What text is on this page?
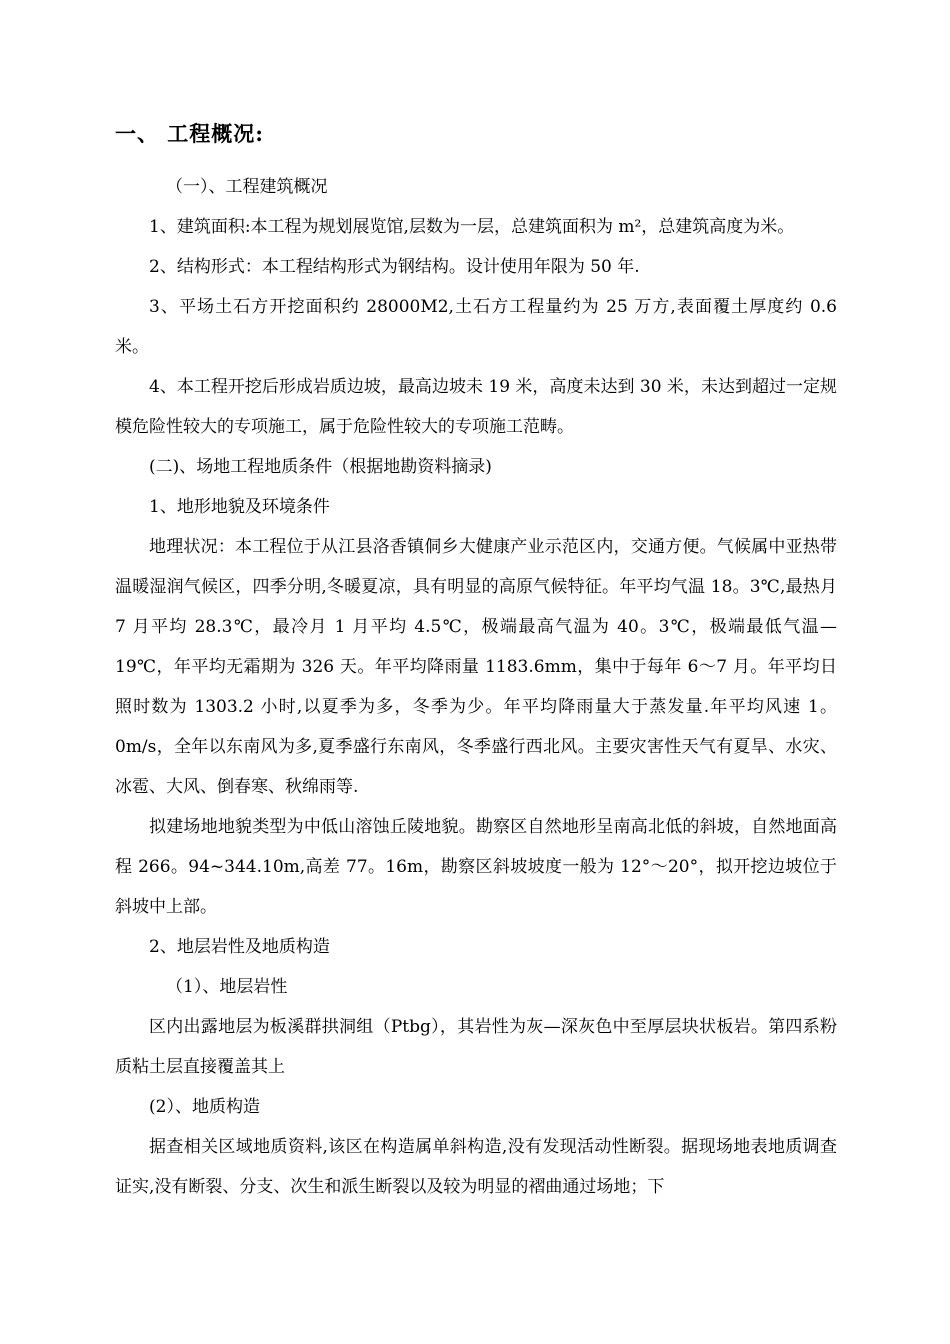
一、 工程概况:

（一）、工程建筑概况

1、建筑面积:本工程为规划展览馆,层数为一层，总建筑面积为 m²，总建筑高度为米。

2、结构形式：本工程结构形式为钢结构。设计使用年限为 50 年.

3、平场土石方开挖面积约 28000M2,土石方工程量约为 25 万方,表面覆土厚度约 0.6 米。

4、本工程开挖后形成岩质边坡，最高边坡未 19 米，高度未达到 30 米，未达到超过一定规模危险性较大的专项施工，属于危险性较大的专项施工范畴。

(二)、场地工程地质条件（根据地勘资料摘录)

1、地形地貌及环境条件

地理状况：本工程位于从江县洛香镇侗乡大健康产业示范区内，交通方便。气候属中亚热带温暖湿润气候区，四季分明,冬暖夏凉，具有明显的高原气候特征。年平均气温 18。3℃,最热月 7 月平均 28.3℃，最冷月 1 月平均 4.5℃，极端最高气温为 40。3℃，极端最低气温—19℃，年平均无霜期为 326 天。年平均降雨量 1183.6mm，集中于每年 6～7 月。年平均日照时数为 1303.2 小时,以夏季为多，冬季为少。年平均降雨量大于蒸发量.年平均风速 1。0m/s，全年以东南风为多,夏季盛行东南风，冬季盛行西北风。主要灾害性天气有夏旱、水灾、冰雹、大风、倒春寒、秋绵雨等.

拟建场地地貌类型为中低山溶蚀丘陵地貌。勘察区自然地形呈南高北低的斜坡，自然地面高程 266。94~344.10m,高差 77。16m，勘察区斜坡坡度一般为 12°～20°，拟开挖边坡位于斜坡中上部。

2、地层岩性及地质构造

（1）、地层岩性

区内出露地层为板溪群拱洞组（Ptbg），其岩性为灰—深灰色中至厚层块状板岩。第四系粉质粘土层直接覆盖其上

(2）、地质构造

据查相关区域地质资料,该区在构造属单斜构造,没有发现活动性断裂。据现场地表地质调查证实,没有断裂、分支、次生和派生断裂以及较为明显的褶曲通过场地；下
